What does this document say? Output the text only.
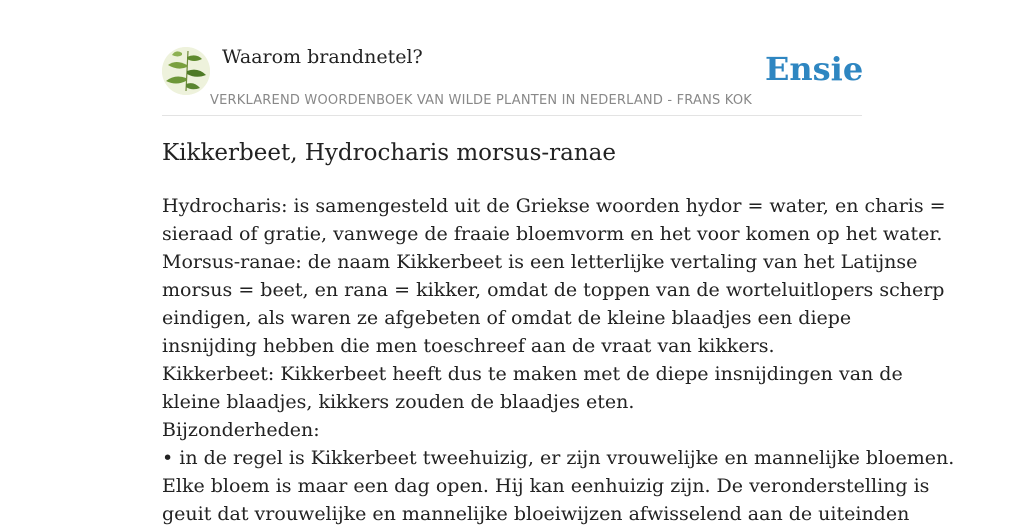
Waarom brandnetel?	Ensie
VERKLAREND WOORDENBOEK VAN WILDE PLANTEN IN NEDERLAND - FRANS KOK
Kikkerbeet, Hydrocharis morsus-ranae
Hydrocharis: is samengesteld uit de Griekse woorden hydor = water, en charis =
sieraad of gratie, vanwege de fraaie bloemvorm en het voor komen op het water.
Morsus-ranae: de naam Kikkerbeet is een letterlijke vertaling van het Latijnse
morsus = beet, en rana = kikker, omdat de toppen van de worteluitlopers scherp
eindigen, als waren ze afgebeten of omdat de kleine blaadjes een diepe
insnijding hebben die men toeschreef aan de vraat van kikkers.
Kikkerbeet: Kikkerbeet heeft dus te maken met de diepe insnijdingen van de
kleine blaadjes, kikkers zouden de blaadjes eten.
Bijzonderheden:
• in de regel is Kikkerbeet tweehuizig, er zijn vrouwelijke en mannelijke bloemen.
Elke bloem is maar een dag open. Hij kan eenhuizig zijn. De veronderstelling is
geuit dat vrouwelijke en mannelijke bloeiwijzen afwisselend aan de uiteinden
